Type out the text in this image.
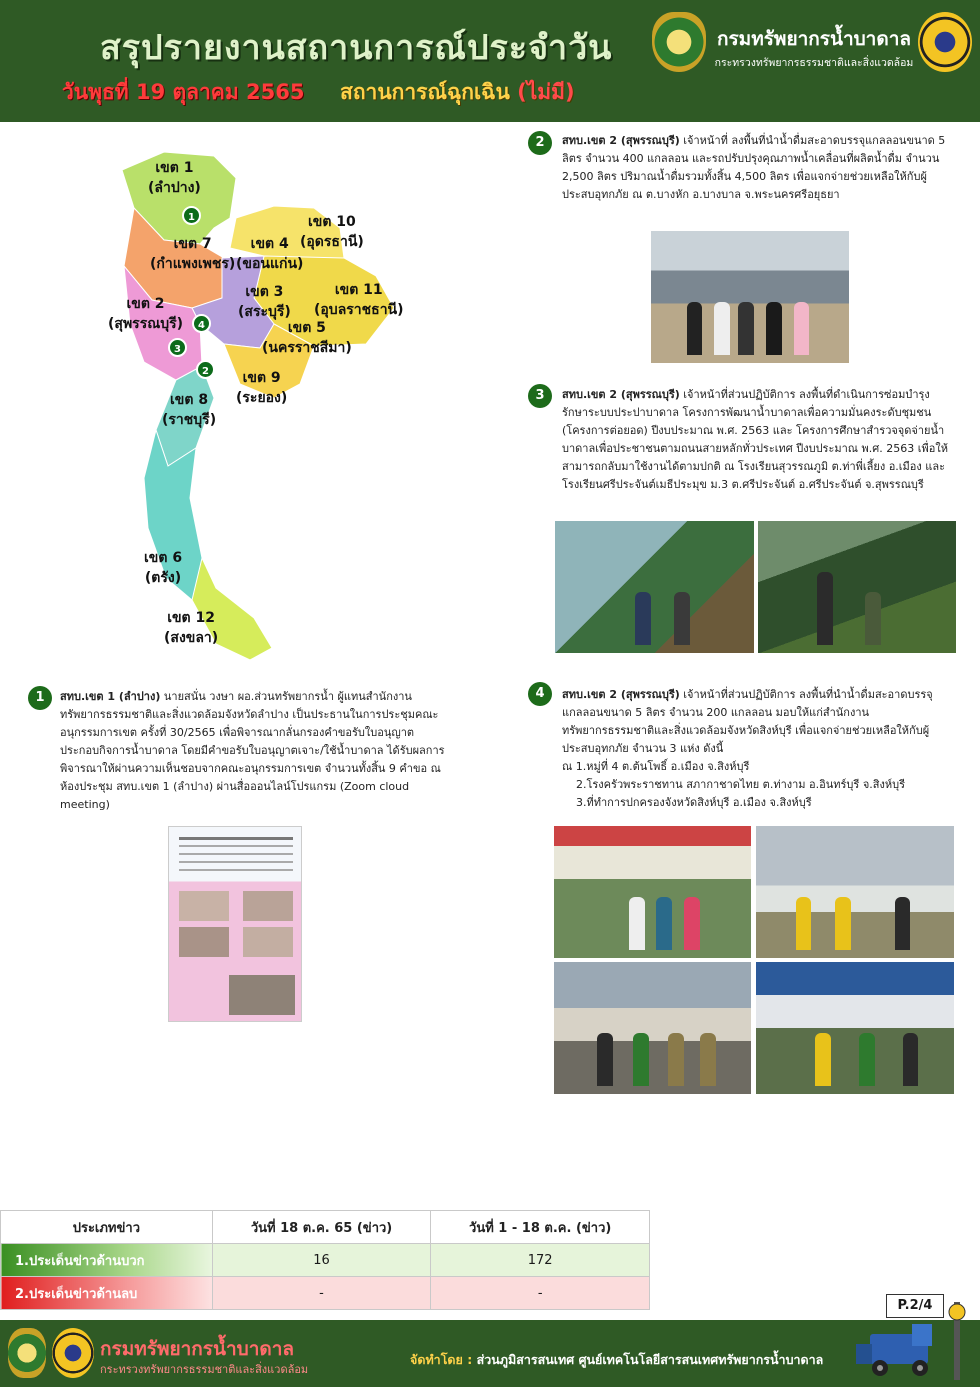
สรุปรายงานสถานการณ์ประจำวัน
วันพุธที่ 19 ตุลาคม 2565 สถานการณ์ฉุกเฉิน (ไม่มี)
กรมทรัพยากรน้ำบาดาล
กระทรวงทรัพยากรธรรมชาติและสิ่งแวดล้อม
เขต 1
(ลำปาง)
เขต 10
(อุดรธานี)
เขต 7
(กำแพงเพชร)
เขต 4
(ขอนแก่น)
เขต 11
(อุบลราชธานี)
เขต 3
(สระบุรี)
เขต 2
(สุพรรณบุรี)	เขต 5
(นครราชสีมา)
เขต 9
(ระยอง)
เขต 8
(ราชบุรี)
เขต 6
(ตรัง)
เขต 12
(สงขลา)
1
4
3
2
2	สทบ.เขต 2 (สุพรรณบุรี) เจ้าหน้าที่ ลงพื้นที่นำน้ำดื่มสะอาดบรรจุแกลลอนขนาด 5 ลิตร จำนวน 400 แกลลอน และรถปรับปรุงคุณภาพน้ำเคลื่อนที่ผลิตน้ำดื่ม จำนวน 2,500 ลิตร ปริมาณน้ำดื่มรวมทั้งสิ้น 4,500 ลิตร เพื่อแจกจ่ายช่วยเหลือให้กับผู้ประสบอุทกภัย ณ ต.บางหัก อ.บางบาล จ.พระนครศรีอยุธยา
3	สทบ.เขต 2 (สุพรรณบุรี) เจ้าหน้าที่ส่วนปฏิบัติการ ลงพื้นที่ดำเนินการซ่อมบำรุงรักษาระบบประปาบาดาล โครงการพัฒนาน้ำบาดาลเพื่อความมั่นคงระดับชุมชน (โครงการต่อยอด) ปีงบประมาณ พ.ศ. 2563 และ โครงการศึกษาสำรวจจุดจ่ายน้ำบาดาลเพื่อประชาชนตามถนนสายหลักทั่วประเทศ ปีงบประมาณ พ.ศ. 2563 เพื่อให้สามารถกลับมาใช้งานได้ตามปกติ ณ โรงเรียนสุวรรณภูมิ ต.ท่าพี่เลี้ยง อ.เมือง และ โรงเรียนศรีประจันต์เมธีประมุข ม.3 ต.ศรีประจันต์ อ.ศรีประจันต์ จ.สุพรรณบุรี
1	สทบ.เขต 1 (ลำปาง) นายสนั่น วงษา ผอ.ส่วนทรัพยากรน้ำ ผู้แทนสำนักงานทรัพยากรธรรมชาติและสิ่งแวดล้อมจังหวัดลำปาง เป็นประธานในการประชุมคณะอนุกรรมการเขต ครั้งที่ 30/2565 เพื่อพิจารณากลั่นกรองคำขอรับใบอนุญาตประกอบกิจการน้ำบาดาล โดยมีคำขอรับใบอนุญาตเจาะ/ใช้น้ำบาดาล ได้รับผลการพิจารณาให้ผ่านความเห็นชอบจากคณะอนุกรรมการเขต จำนวนทั้งสิ้น 9 คำขอ ณ ห้องประชุม สทบ.เขต 1 (ลำปาง) ผ่านสื่อออนไลน์โปรแกรม (Zoom cloud meeting)
4	สทบ.เขต 2 (สุพรรณบุรี) เจ้าหน้าที่ส่วนปฏิบัติการ ลงพื้นที่นำน้ำดื่มสะอาดบรรจุแกลลอนขนาด 5 ลิตร จำนวน 200 แกลลอน มอบให้แก่สำนักงานทรัพยากรธรรมชาติและสิ่งแวดล้อมจังหวัดสิงห์บุรี เพื่อแจกจ่ายช่วยเหลือให้กับผู้ประสบอุทกภัย จำนวน 3 แห่ง ดังนี้
ณ 1.หมู่ที่ 4 ต.ต้นโพธิ์ อ.เมือง จ.สิงห์บุรี
2.โรงครัวพระราชทาน สภากาชาดไทย ต.ท่างาม อ.อินทร์บุรี จ.สิงห์บุรี
3.ที่ทำการปกครองจังหวัดสิงห์บุรี อ.เมือง จ.สิงห์บุรี
ประเภทข่าว	วันที่ 18 ต.ค. 65 (ข่าว)	วันที่ 1 - 18 ต.ค. (ข่าว)
1.ประเด็นข่าวด้านบวก	16	172
2.ประเด็นข่าวด้านลบ	-	-
P.2/4
กรมทรัพยากรน้ำบาดาล
กระทรวงทรัพยากรธรรมชาติและสิ่งแวดล้อม
จัดทำโดย : ส่วนภูมิสารสนเทศ ศูนย์เทคโนโลยีสารสนเทศทรัพยากรน้ำบาดาล
